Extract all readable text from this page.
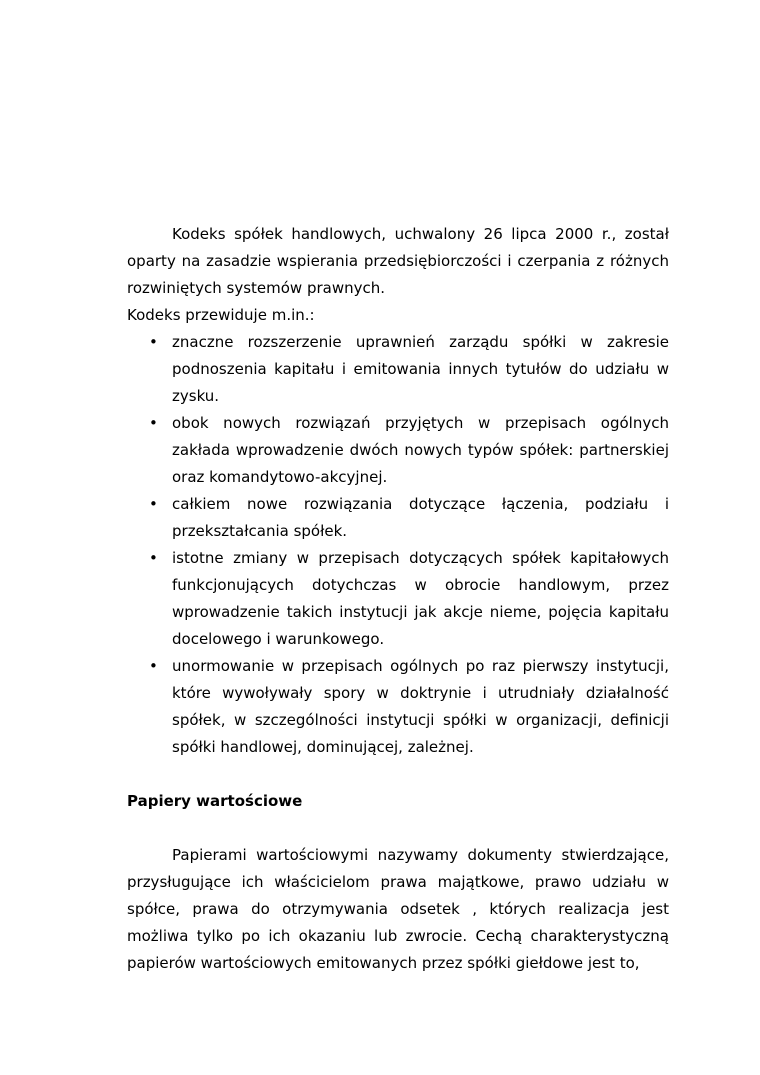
Kodeks spółek handlowych, uchwalony 26 lipca 2000 r., został oparty na zasadzie wspierania przedsiębiorczości i czerpania z różnych rozwiniętych systemów prawnych.

Kodeks przewiduje m.in.:

• znaczne rozszerzenie uprawnień zarządu spółki w zakresie podnoszenia kapitału i emitowania innych tytułów do udziału w zysku.
• obok nowych rozwiązań przyjętych w przepisach ogólnych zakłada wprowadzenie dwóch nowych typów spółek: partnerskiej oraz komandytowo-akcyjnej.
• całkiem nowe rozwiązania dotyczące łączenia, podziału i przekształcania spółek.
• istotne zmiany w przepisach dotyczących spółek kapitałowych funkcjonujących dotychczas w obrocie handlowym, przez wprowadzenie takich instytucji jak akcje nieme, pojęcia kapitału docelowego i warunkowego.
• unormowanie w przepisach ogólnych po raz pierwszy instytucji, które wywoływały spory w doktrynie i utrudniały działalność spółek, w szczególności instytucji spółki w organizacji, definicji spółki handlowej, dominującej, zależnej.
Papiery wartościowe

Papierami wartościowymi nazywamy dokumenty stwierdzające, przysługujące ich właścicielom prawa majątkowe, prawo udziału w spółce, prawa do otrzymywania odsetek , których realizacja jest możliwa tylko po ich okazaniu lub zwrocie. Cechą charakterystyczną papierów wartościowych emitowanych przez spółki giełdowe jest to,
